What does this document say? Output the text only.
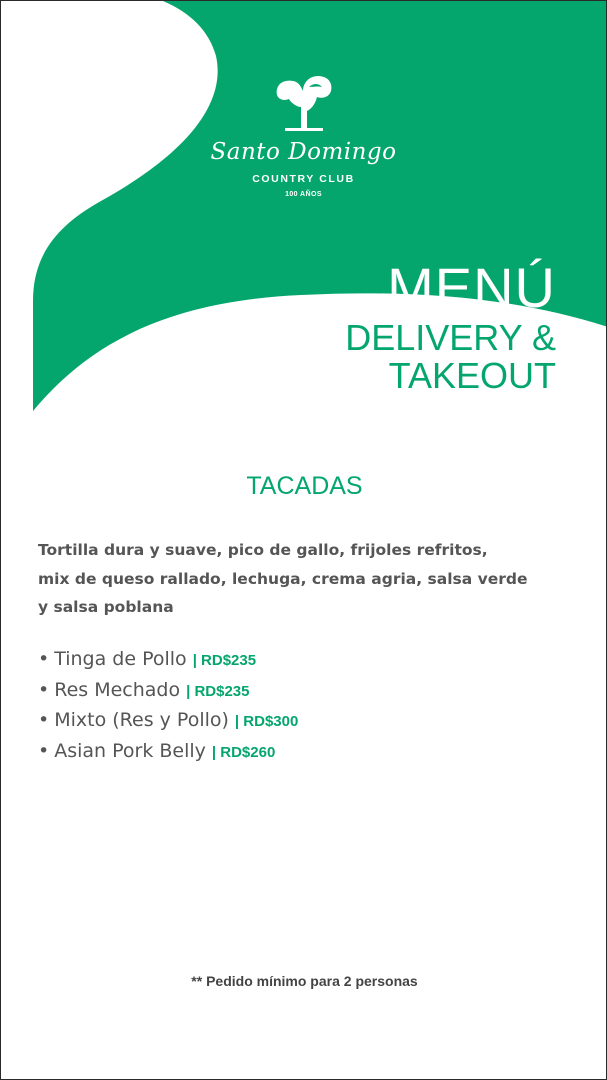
Santo Domingo
COUNTRY CLUB
100 AÑOS
MENÚ
DELIVERY &
TAKEOUT
TACADAS
Tortilla dura y suave, pico de gallo, frijoles refritos,
mix de queso rallado, lechuga, crema agria, salsa verde
y salsa poblana
• Tinga de Pollo | RD$235
• Res Mechado | RD$235
• Mixto (Res y Pollo) | RD$300
• Asian Pork Belly | RD$260
** Pedido mínimo para 2 personas
